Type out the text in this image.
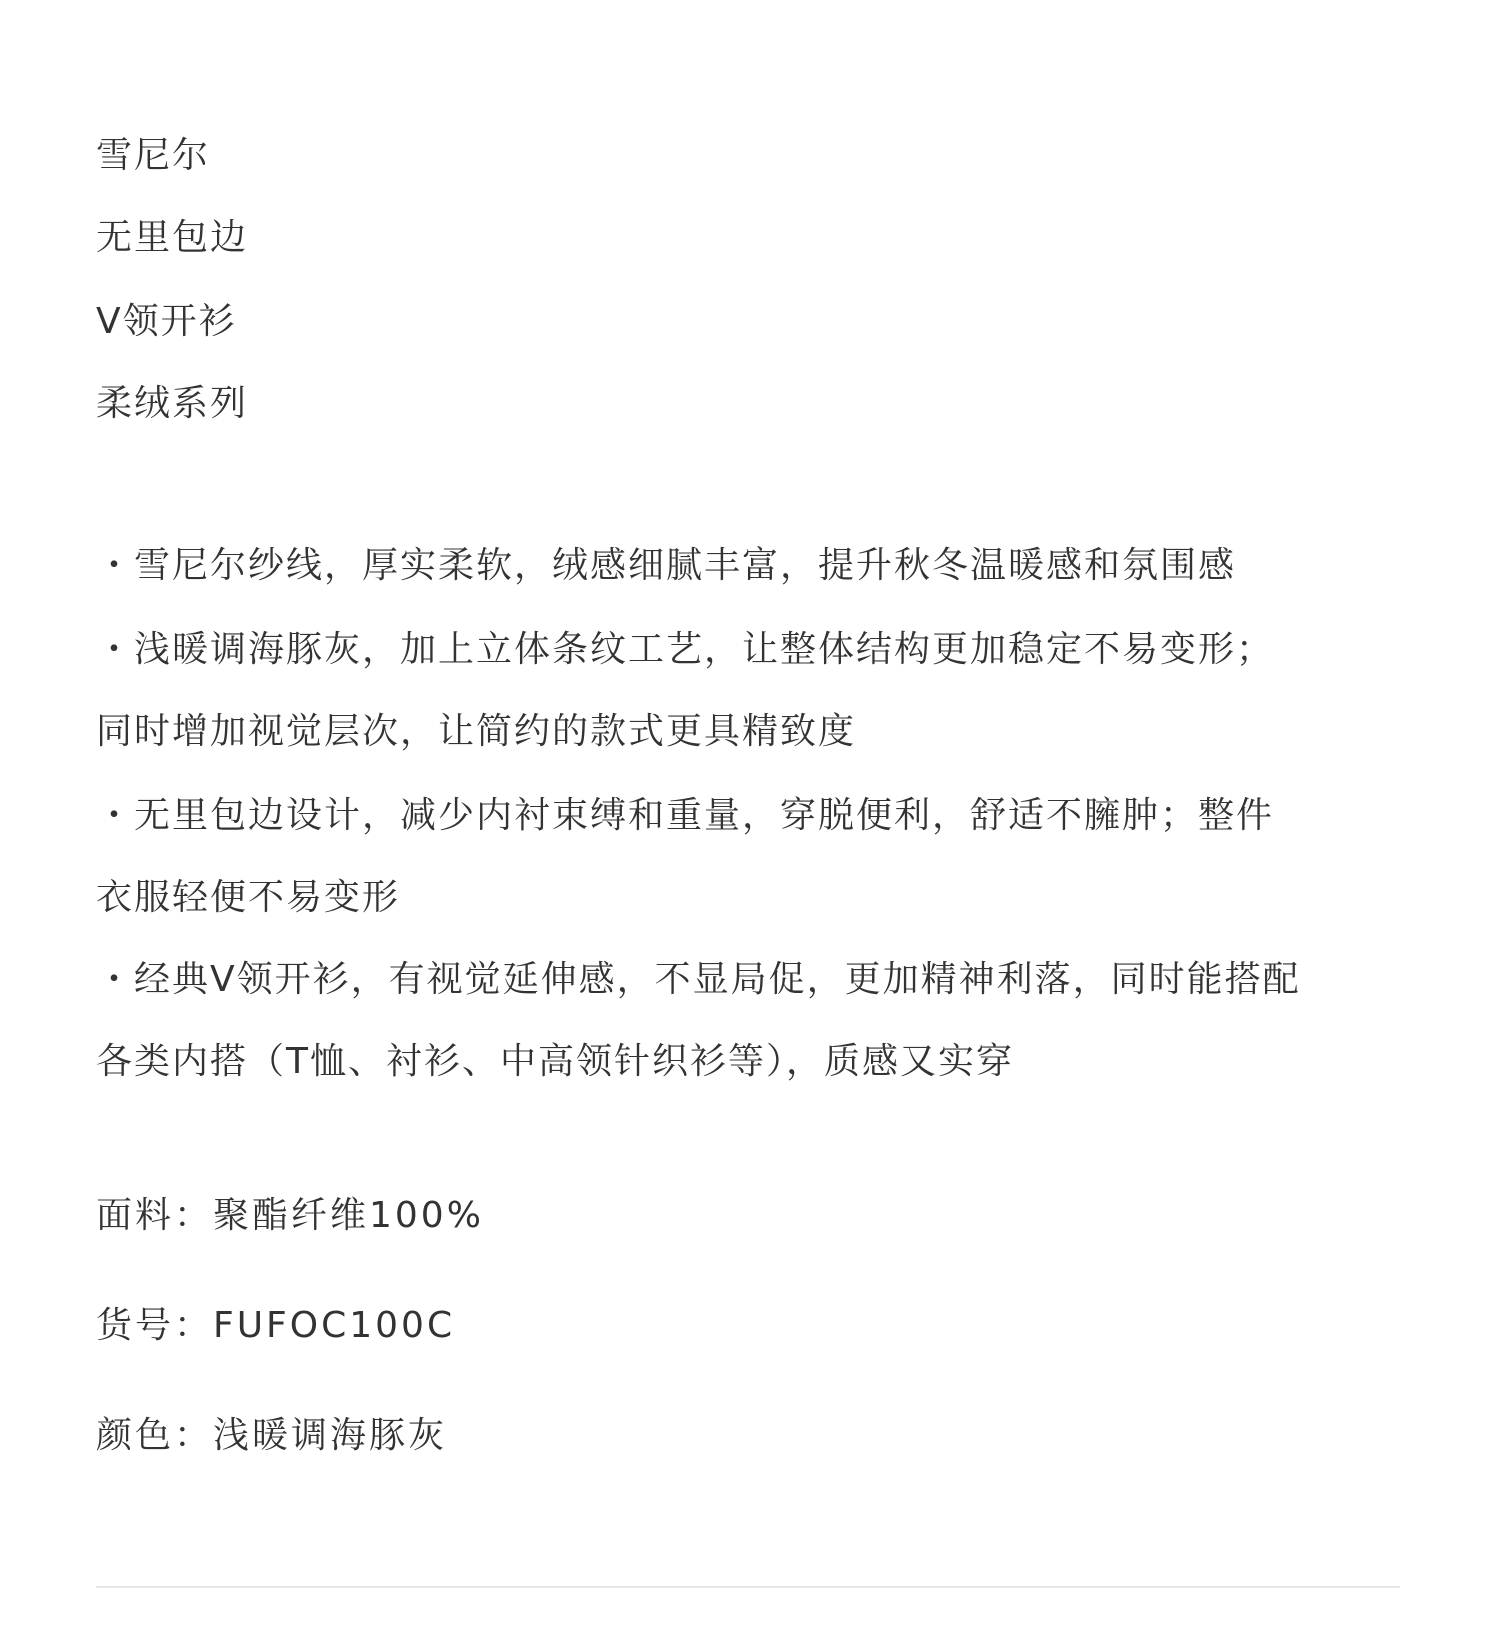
雪尼尔
无里包边
V领开衫
柔绒系列
・雪尼尔纱线，厚实柔软，绒感细腻丰富，提升秋冬温暖感和氛围感
・浅暖调海豚灰，加上立体条纹工艺，让整体结构更加稳定不易变形；
同时增加视觉层次，让简约的款式更具精致度
・无里包边设计，减少内衬束缚和重量，穿脱便利，舒适不臃肿；整件
衣服轻便不易变形
・经典V领开衫，有视觉延伸感，不显局促，更加精神利落，同时能搭配
各类内搭（T恤、衬衫、中高领针织衫等），质感又实穿
面料：聚酯纤维100%
货号：FUFOC100C
颜色：浅暖调海豚灰
